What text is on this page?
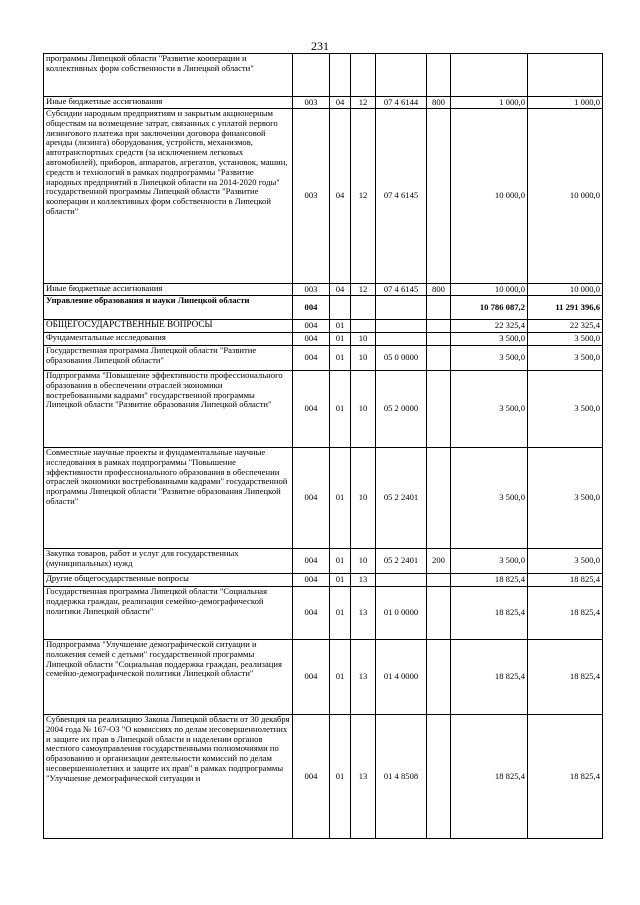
231
программы Липецкой области "Развитие кооперации и коллективных форм собственности в Липецкой области"							
Иные бюджетные ассигнования	003	04	12	07 4 6144	800	1 000,0	1 000,0
Субсидии народным предприятиям и закрытым акционерным обществам на возмещение затрат, связанных с уплатой первого лизингового платежа при заключении договора финансовой аренды (лизинга) оборудования, устройств, механизмов, автотранспортных средств (за исключением легковых автомобилей), приборов, аппаратов, агрегатов, установок, машин, средств и технологий в рамках подпрограммы "Развитие народных предприятий в Липецкой области на 2014-2020 годы" государственной программы Липецкой области "Развитие кооперации и коллективных форм собственности в Липецкой области"	003	04	12	07 4 6145		10 000,0	10 000,0
Иные бюджетные ассигнования	003	04	12	07 4 6145	800	10 000,0	10 000,0
Управление образования и науки Липецкой области	004					10 786 087,2	11 291 396,6
ОБЩЕГОСУДАРСТВЕННЫЕ ВОПРОСЫ	004	01				22 325,4	22 325,4
Фундаментальные исследования	004	01	10			3 500,0	3 500,0
Государственная программа Липецкой области "Развитие образования Липецкой области"	004	01	10	05 0 0000		3 500,0	3 500,0
Подпрограмма "Повышение эффективности профессионального образования в обеспечении отраслей экономики востребованными кадрами" государственной программы Липецкой области "Развитие образования Липецкой области"	004	01	10	05 2 0000		3 500,0	3 500,0
Совместные научные проекты и фундаментальные научные исследования в рамках подпрограммы "Повышение эффективности профессионального образования в обеспечении отраслей экономики востребованными кадрами" государственной программы Липецкой области "Развитие образования Липецкой области"	004	01	10	05 2 2401		3 500,0	3 500,0
Закупка товаров, работ и услуг для государственных (муниципальных) нужд	004	01	10	05 2 2401	200	3 500,0	3 500,0
Другие общегосударственные вопросы	004	01	13			18 825,4	18 825,4
Государственная программа Липецкой области "Социальная поддержка граждан, реализация семейно-демографической политики Липецкой области"	004	01	13	01 0 0000		18 825,4	18 825,4
Подпрограмма "Улучшение демографической ситуации и положения семей с детьми" государственной программы Липецкой области "Социальная поддержка граждан, реализация семейно-демографической политики Липецкой области"	004	01	13	01 4 0000		18 825,4	18 825,4
Субвенция на реализацию Закона Липецкой области от 30 декабря 2004 года № 167-ОЗ "О комиссиях по делам несовершеннолетних и защите их прав в Липецкой области и наделении органов местного самоуправления государственными полномочиями по образованию и организации деятельности комиссий по делам несовершеннолетних и защите их прав" в рамках подпрограммы "Улучшение демографической ситуации и	004	01	13	01 4 8508		18 825,4	18 825,4
